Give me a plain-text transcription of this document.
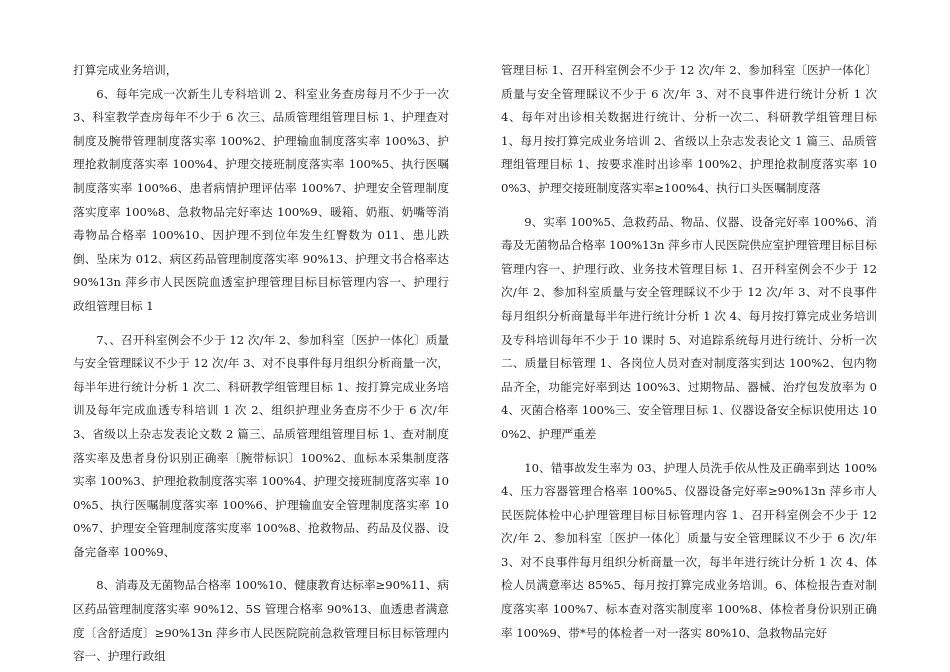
打算完成业务培训，

6、每年完成一次新生儿专科培训 2、科室业务查房每月不少于一次 3、科室教学查房每年不少于 6 次三、品质管理组管理目标 1、护理查对制度及腕带管理制度落实率 100%2、护理输血制度落实率 100%3、护理抢救制度落实率 100%4、护理交接班制度落实率 100%5、执行医嘱制度落实率 100%6、患者病情护理评估率 100%7、护理安全管理制度落实度率 100%8、急救物品完好率达 100%9、暖箱、奶瓶、奶嘴等消毒物品合格率 100%10、因护理不到位年发生红臀数为 011、患儿跌倒、坠床为 012、病区药品管理制度落实率 90%13、护理文书合格率达 90%13n 萍乡市人民医院血透室护理管理目标目标管理内容一、护理行政组管理目标 1

7、、召开科室例会不少于 12 次/年 2、参加科室〔医护一体化〕质量与安全管理睬议不少于 12 次/年 3、对不良事件每月组织分析商量一次，每半年进行统计分析 1 次二、科研教学组管理目标 1、按打算完成业务培训及每年完成血透专科培训 1 次 2、组织护理业务查房不少于 6 次/年 3、省级以上杂志发表论文数 2 篇三、品质管理组管理目标 1、查对制度落实率及患者身份识别正确率〔腕带标识〕100%2、血标本采集制度落实率 100%3、护理抢救制度落实率 100%4、护理交接班制度落实率 100%5、执行医嘱制度落实率 100%6、护理输血安全管理制度落实率 100%7、护理安全管理制度落实度率 100%8、抢救物品、药品及仪器、设备完备率 100%9、

8、消毒及无菌物品合格率 100%10、健康教育达标率≥90%11、病区药品管理制度落实率 90%12、5S 管理合格率 90%13、血透患者满意度〔含舒适度〕≥90%13n 萍乡市人民医院院前急救管理目标目标管理内容一、护理行政组

管理目标 1、召开科室例会不少于 12 次/年 2、参加科室〔医护一体化〕质量与安全管理睬议不少于 6 次/年 3、对不良事件进行统计分析 1 次 4、每年对出诊相关数据进行统计、分析一次二、科研教学组管理目标 1、每月按打算完成业务培训 2、省级以上杂志发表论文 1 篇三、品质管理组管理目标 1、按要求准时出诊率 100%2、护理抢救制度落实率 100%3、护理交接班制度落实率≥100%4、执行口头医嘱制度落

9、实率 100%5、急救药品、物品、仪器、设备完好率 100%6、消毒及无菌物品合格率 100%13n 萍乡市人民医院供应室护理管理目标目标管理内容一、护理行政、业务技术管理目标 1、召开科室例会不少于 12 次/年 2、参加科室质量与安全管理睬议不少于 12 次/年 3、对不良事件每月组织分析商量每半年进行统计分析 1 次 4、每月按打算完成业务培训及专科培训每年不少于 10 课时 5、对追踪系统每月进行统计、分析一次二、质量目标管理 1、各岗位人员对查对制度落实到达 100%2、包内物品齐全，功能完好率到达 100%3、过期物品、器械、治疗包发放率为 04、灭菌合格率 100%三、安全管理目标 1、仪器设备安全标识使用达 100%2、护理严重差

10、错事故发生率为 03、护理人员洗手依从性及正确率到达 100%4、压力容器管理合格率 100%5、仪器设备完好率≥90%13n 萍乡市人民医院体检中心护理管理目标目标管理内容 1、召开科室例会不少于 12 次/年 2、参加科室〔医护一体化〕质量与安全管理睬议不少于 6 次/年 3、对不良事件每月组织分析商量一次，每半年进行统计分析 1 次 4、体检人员满意率达 85%5、每月按打算完成业务培训。6、体检报告查对制度落实率 100%7、标本查对落实制度率 100%8、体检者身份识别正确率 100%9、带*号的体检者一对一落实 80%10、急救物品完好
